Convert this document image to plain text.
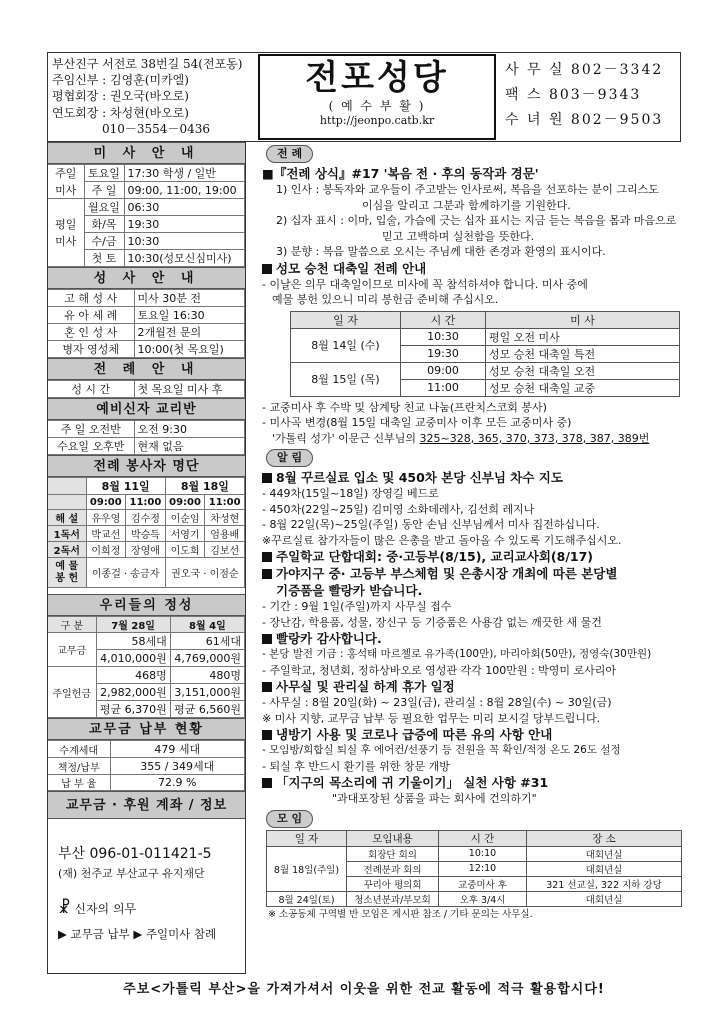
부산진구 서전로 38번길 54(전포동)
주임신부 : 김영훈(미카엘)
평협회장 : 권오국(바오로)
연도회장 : 차성현(바오로)
010－3554－0436
전포성당
( 예 수 부 활 )
http://jeonpo.catb.kr
사 무 실 802－3342
팩 스 803－9343
수 녀 원 802－9503
미 사 안 내
주일	토요일	17:30 학생 / 일반
미사	주 일	09:00, 11:00, 19:00
	월요일	06:30
평일	화/목	19:30
미사	수/금	10:30
	첫 토	10:30(성모신심미사)
성 사 안 내
고 해 성 사	미사 30분 전
유 아 세 례	토요일 16:30
혼 인 성 사	2개월전 문의
병자 영성체	10:00(첫 목요일)
전 례 안 내
성 시 간	첫 목요일 미사 후
예비신자 교리반
주 일 오전반	오전 9:30
수요일 오후반	현재 없음
전례 봉사자 명단
	8월 11일		8월 18일	
	09:00	11:00	09:00	11:00
해 설	유우영	김수정	이순임	차성현
1독서	박교선	박승득	서영기	엄용배
2독서	이희정	장영애	이도희	김보선
예 물
봉 헌	이종걸 · 송금자		권오국 · 이점순	
우리들의 정성
구 분	7월 28일	8월 4일
교무금	58세대	61세대
	4,010,000원	4,769,000원
주일헌금	468명	480명
	2,982,000원	3,151,000원
	평균 6,370원	평균 6,560원
교무금 납부 현황
수계세대	479 세대
책정/납부	355 / 349세대
납 부 율	72.9 %
교무금 · 후원 계좌 / 정보
부산 096-01-011421-5
(재) 천주교 부산교구 유지재단
☧ 신자의 의무
▶ 교무금 납부 ▶ 주일미사 참례
전 례
■『전례 상식』#17 '복음 전 · 후의 동작과 경문'
1) 인사 : 봉독자와 교우들이 주고받는 인사로써, 복음을 선포하는 분이 그리스도
이심을 알리고 그분과 함께하기를 기원한다.
2) 십자 표시 : 이마, 입술, 가슴에 긋는 십자 표시는 지금 듣는 복음을 몸과 마음으로
믿고 고백하며 실천함을 뜻한다.
3) 분향 : 복음 말씀으로 오시는 주님께 대한 존경과 환영의 표시이다.
성모 승천 대축일 전례 안내
- 이날은 의무 대축일이므로 미사에 꼭 참석하셔야 합니다. 미사 중에
예물 봉헌 있으니 미리 봉헌금 준비해 주십시오.
일 자	시 간	미 사
8월 14일 (수)	10:30	평일 오전 미사
	19:30	성모 승천 대축일 특전
8월 15일 (목)	09:00	성모 승천 대축일 오전
	11:00	성모 승천 대축일 교중
- 교중미사 후 수박 및 삼계탕 친교 나눔(프란치스코회 봉사)
- 미사곡 변경(8월 15일 대축일 교중미사 이후 모든 교중미사 중)
'가톨릭 성가' 이문근 신부님의 325~328, 365, 370, 373, 378, 387, 389번
알 림
8월 꾸르실료 입소 및 450차 본당 신부님 차수 지도
- 449차(15일~18일) 장영길 베드로
- 450차(22일~25일) 김미영 소화데레사, 김선희 레지나
- 8월 22일(목)~25일(주일) 동안 손님 신부님께서 미사 집전하십니다.
※꾸르실료 참가자들이 많은 은총을 받고 돌아올 수 있도록 기도해주십시오.
주일학교 단합대회: 중·고등부(8/15), 교리교사회(8/17)
가야지구 중· 고등부 부스체험 및 은총시장 개최에 따른 본당별
기증품을 빨랑카 받습니다.
- 기간 : 9월 1일(주일)까지 사무실 접수
- 장난감, 학용품, 성물, 장신구 등 기증품은 사용감 없는 깨끗한 새 물건
빨랑카 감사합니다.
- 본당 발전 기금 : 홍석태 마르첼로 유가족(100만), 마리아회(50만), 정영숙(30만원)
- 주일학교, 청년회, 정하상바오로 영성관 각각 100만원 : 박영미 로사리아
사무실 및 관리실 하계 휴가 일정
- 사무실 : 8월 20일(화) ~ 23일(금), 관리실 : 8월 28일(수) ~ 30일(금)
※ 미사 지향, 교무금 납부 등 필요한 업무는 미리 보시길 당부드립니다.
냉방기 사용 및 코로나 급증에 따른 유의 사항 안내
- 모임방/회합실 퇴실 후 에어컨/선풍기 등 전원을 꼭 확인/적정 온도 26도 설정
- 퇴실 후 반드시 환기를 위한 창문 개방
「지구의 목소리에 귀 기울이기」 실천 사항 #31
"과대포장된 상품을 파는 회사에 건의하기"
모 임
일 자	모임내용	시 간	장 소
8월 18일(주일)	회장단 회의	10:10	대회년실
	전례분과 회의	12:10	대회년실
	꾸리아 평의회	교중미사 후	321 선교실, 322 지하 강당
8월 24일(토)	청소년분과/부모회	오후 3/4시	대회년실
※ 소공동체 구역별 반 모임은 게시판 참조 / 기타 문의는 사무실.
주보<가톨릭 부산>을 가져가셔서 이웃을 위한 전교 활동에 적극 활용합시다!
